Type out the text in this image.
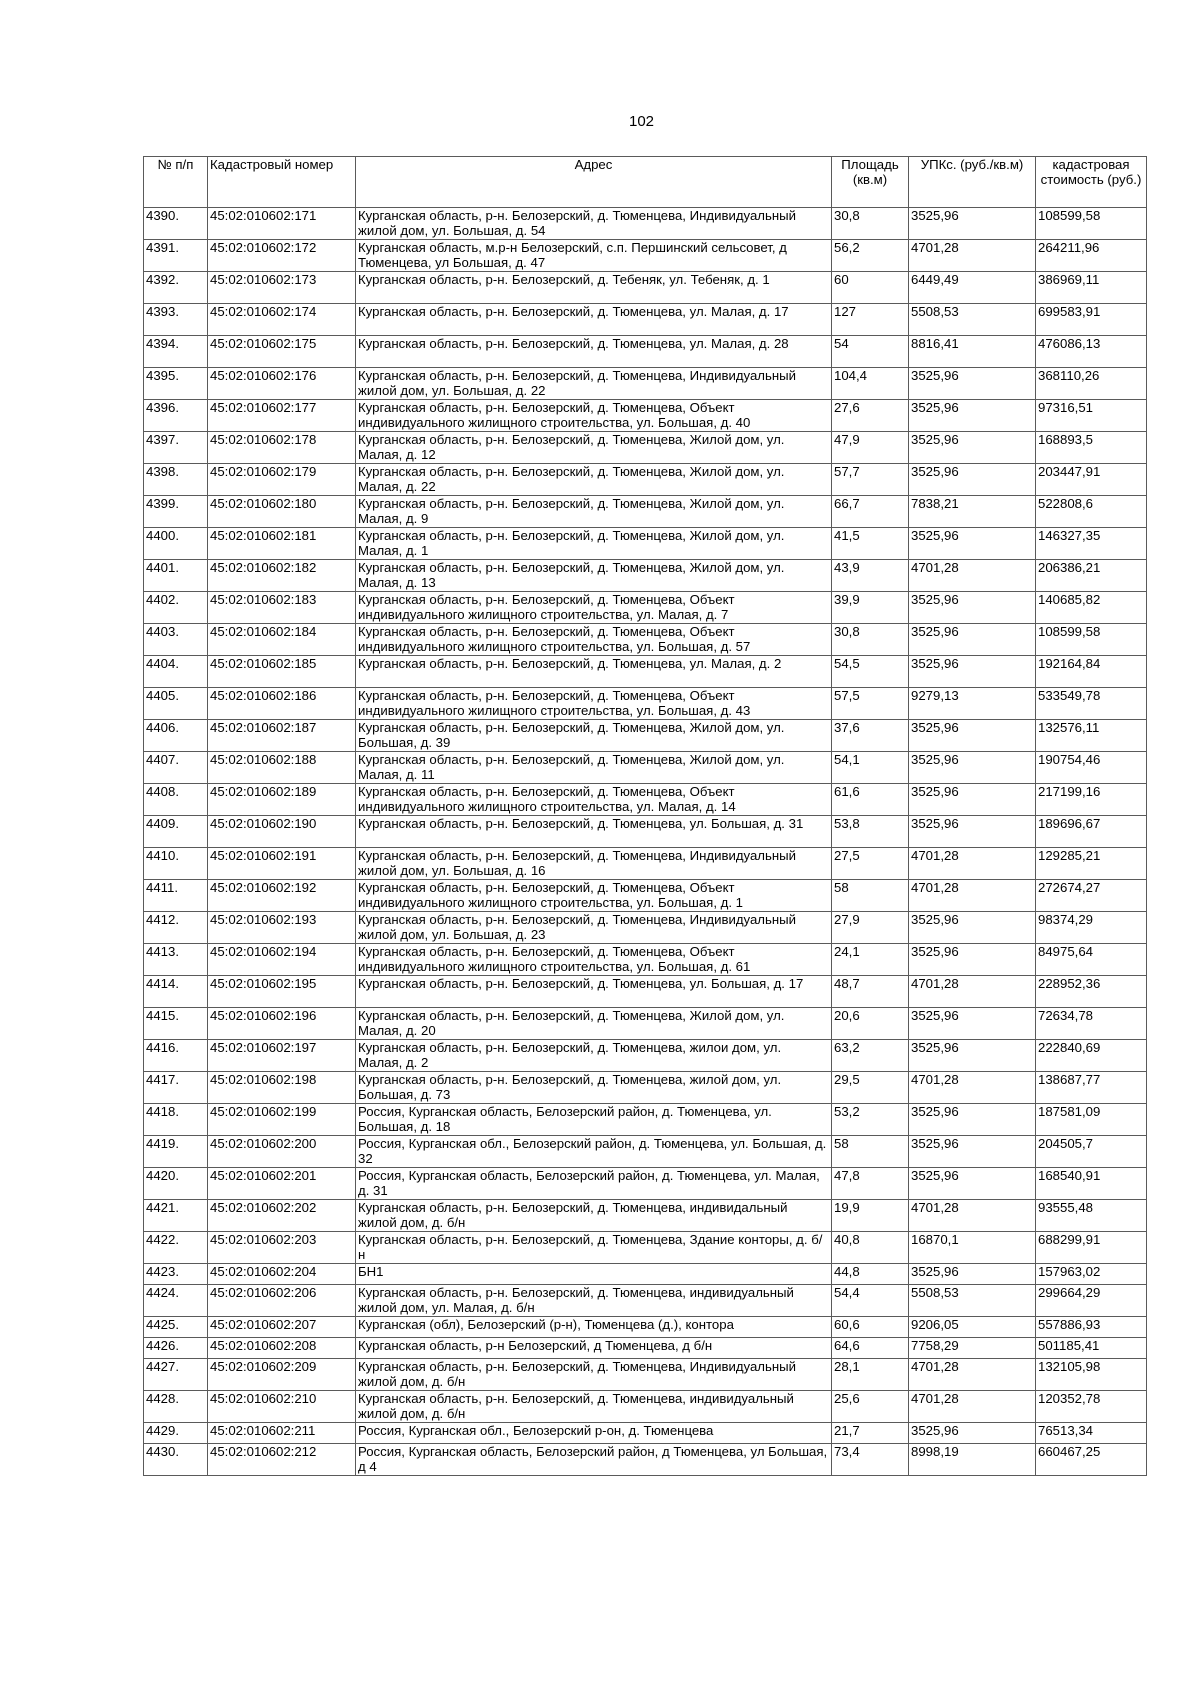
102
№ п/п	Кадастровый номер	Адрес	Площадь (кв.м)	УПКс. (руб./кв.м)	кадастровая стоимость (руб.)
4390.	45:02:010602:171	Курганская область, р-н. Белозерский, д. Тюменцева, Индивидуальный жилой дом, ул. Большая, д. 54	30,8	3525,96	108599,58
4391.	45:02:010602:172	Курганская область, м.р-н Белозерский, с.п. Першинский сельсовет, д Тюменцева, ул Большая, д. 47	56,2	4701,28	264211,96
4392.	45:02:010602:173	Курганская область, р-н. Белозерский, д. Тебеняк, ул. Тебеняк, д. 1	60	6449,49	386969,11
4393.	45:02:010602:174	Курганская область, р-н. Белозерский, д. Тюменцева, ул. Малая, д. 17	127	5508,53	699583,91
4394.	45:02:010602:175	Курганская область, р-н. Белозерский, д. Тюменцева, ул. Малая, д. 28	54	8816,41	476086,13
4395.	45:02:010602:176	Курганская область, р-н. Белозерский, д. Тюменцева, Индивидуальный жилой дом, ул. Большая, д. 22	104,4	3525,96	368110,26
4396.	45:02:010602:177	Курганская область, р-н. Белозерский, д. Тюменцева, Объект индивидуального жилищного строительства, ул. Большая, д. 40	27,6	3525,96	97316,51
4397.	45:02:010602:178	Курганская область, р-н. Белозерский, д. Тюменцева, Жилой дом, ул. Малая, д. 12	47,9	3525,96	168893,5
4398.	45:02:010602:179	Курганская область, р-н. Белозерский, д. Тюменцева, Жилой дом, ул. Малая, д. 22	57,7	3525,96	203447,91
4399.	45:02:010602:180	Курганская область, р-н. Белозерский, д. Тюменцева, Жилой дом, ул. Малая, д. 9	66,7	7838,21	522808,6
4400.	45:02:010602:181	Курганская область, р-н. Белозерский, д. Тюменцева, Жилой дом, ул. Малая, д. 1	41,5	3525,96	146327,35
4401.	45:02:010602:182	Курганская область, р-н. Белозерский, д. Тюменцева, Жилой дом, ул. Малая, д. 13	43,9	4701,28	206386,21
4402.	45:02:010602:183	Курганская область, р-н. Белозерский, д. Тюменцева, Объект индивидуального жилищного строительства, ул. Малая, д. 7	39,9	3525,96	140685,82
4403.	45:02:010602:184	Курганская область, р-н. Белозерский, д. Тюменцева, Объект индивидуального жилищного строительства, ул. Большая, д. 57	30,8	3525,96	108599,58
4404.	45:02:010602:185	Курганская область, р-н. Белозерский, д. Тюменцева, ул. Малая, д. 2	54,5	3525,96	192164,84
4405.	45:02:010602:186	Курганская область, р-н. Белозерский, д. Тюменцева, Объект индивидуального жилищного строительства, ул. Большая, д. 43	57,5	9279,13	533549,78
4406.	45:02:010602:187	Курганская область, р-н. Белозерский, д. Тюменцева, Жилой дом, ул. Большая, д. 39	37,6	3525,96	132576,11
4407.	45:02:010602:188	Курганская область, р-н. Белозерский, д. Тюменцева, Жилой дом, ул. Малая, д. 11	54,1	3525,96	190754,46
4408.	45:02:010602:189	Курганская область, р-н. Белозерский, д. Тюменцева, Объект индивидуального жилищного строительства, ул. Малая, д. 14	61,6	3525,96	217199,16
4409.	45:02:010602:190	Курганская область, р-н. Белозерский, д. Тюменцева, ул. Большая, д. 31	53,8	3525,96	189696,67
4410.	45:02:010602:191	Курганская область, р-н. Белозерский, д. Тюменцева, Индивидуальный жилой дом, ул. Большая, д. 16	27,5	4701,28	129285,21
4411.	45:02:010602:192	Курганская область, р-н. Белозерский, д. Тюменцева, Объект индивидуального жилищного строительства, ул. Большая, д. 1	58	4701,28	272674,27
4412.	45:02:010602:193	Курганская область, р-н. Белозерский, д. Тюменцева, Индивидуальный жилой дом, ул. Большая, д. 23	27,9	3525,96	98374,29
4413.	45:02:010602:194	Курганская область, р-н. Белозерский, д. Тюменцева, Объект индивидуального жилищного строительства, ул. Большая, д. 61	24,1	3525,96	84975,64
4414.	45:02:010602:195	Курганская область, р-н. Белозерский, д. Тюменцева, ул. Большая, д. 17	48,7	4701,28	228952,36
4415.	45:02:010602:196	Курганская область, р-н. Белозерский, д. Тюменцева, Жилой дом, ул. Малая, д. 20	20,6	3525,96	72634,78
4416.	45:02:010602:197	Курганская область, р-н. Белозерский, д. Тюменцева, жилои дом, ул. Малая, д. 2	63,2	3525,96	222840,69
4417.	45:02:010602:198	Курганская область, р-н. Белозерский, д. Тюменцева, жилой дом, ул. Большая, д. 73	29,5	4701,28	138687,77
4418.	45:02:010602:199	Россия, Курганская область, Белозерский район, д. Тюменцева, ул. Большая, д. 18	53,2	3525,96	187581,09
4419.	45:02:010602:200	Россия, Курганская обл., Белозерский район, д. Тюменцева, ул. Большая, д. 32	58	3525,96	204505,7
4420.	45:02:010602:201	Россия, Курганская область, Белозерский район, д. Тюменцева, ул. Малая, д. 31	47,8	3525,96	168540,91
4421.	45:02:010602:202	Курганская область, р-н. Белозерский, д. Тюменцева, индивидальный жилой дом, д. б/н	19,9	4701,28	93555,48
4422.	45:02:010602:203	Курганская область, р-н. Белозерский, д. Тюменцева, Здание конторы, д. б/н	40,8	16870,1	688299,91
4423.	45:02:010602:204	БН1	44,8	3525,96	157963,02
4424.	45:02:010602:206	Курганская область, р-н. Белозерский, д. Тюменцева, индивидуальный жилой дом, ул. Малая, д. б/н	54,4	5508,53	299664,29
4425.	45:02:010602:207	Курганская (обл), Белозерский (р-н), Тюменцева (д.), контора	60,6	9206,05	557886,93
4426.	45:02:010602:208	Курганская область, р-н Белозерский, д Тюменцева, д б/н	64,6	7758,29	501185,41
4427.	45:02:010602:209	Курганская область, р-н. Белозерский, д. Тюменцева, Индивидуальный жилой дом, д. б/н	28,1	4701,28	132105,98
4428.	45:02:010602:210	Курганская область, р-н. Белозерский, д. Тюменцева, индивидуальный жилой дом, д. б/н	25,6	4701,28	120352,78
4429.	45:02:010602:211	Россия, Курганская обл., Белозерский р-он, д. Тюменцева	21,7	3525,96	76513,34
4430.	45:02:010602:212	Россия, Курганская область, Белозерский район, д Тюменцева, ул Большая, д 4	73,4	8998,19	660467,25
